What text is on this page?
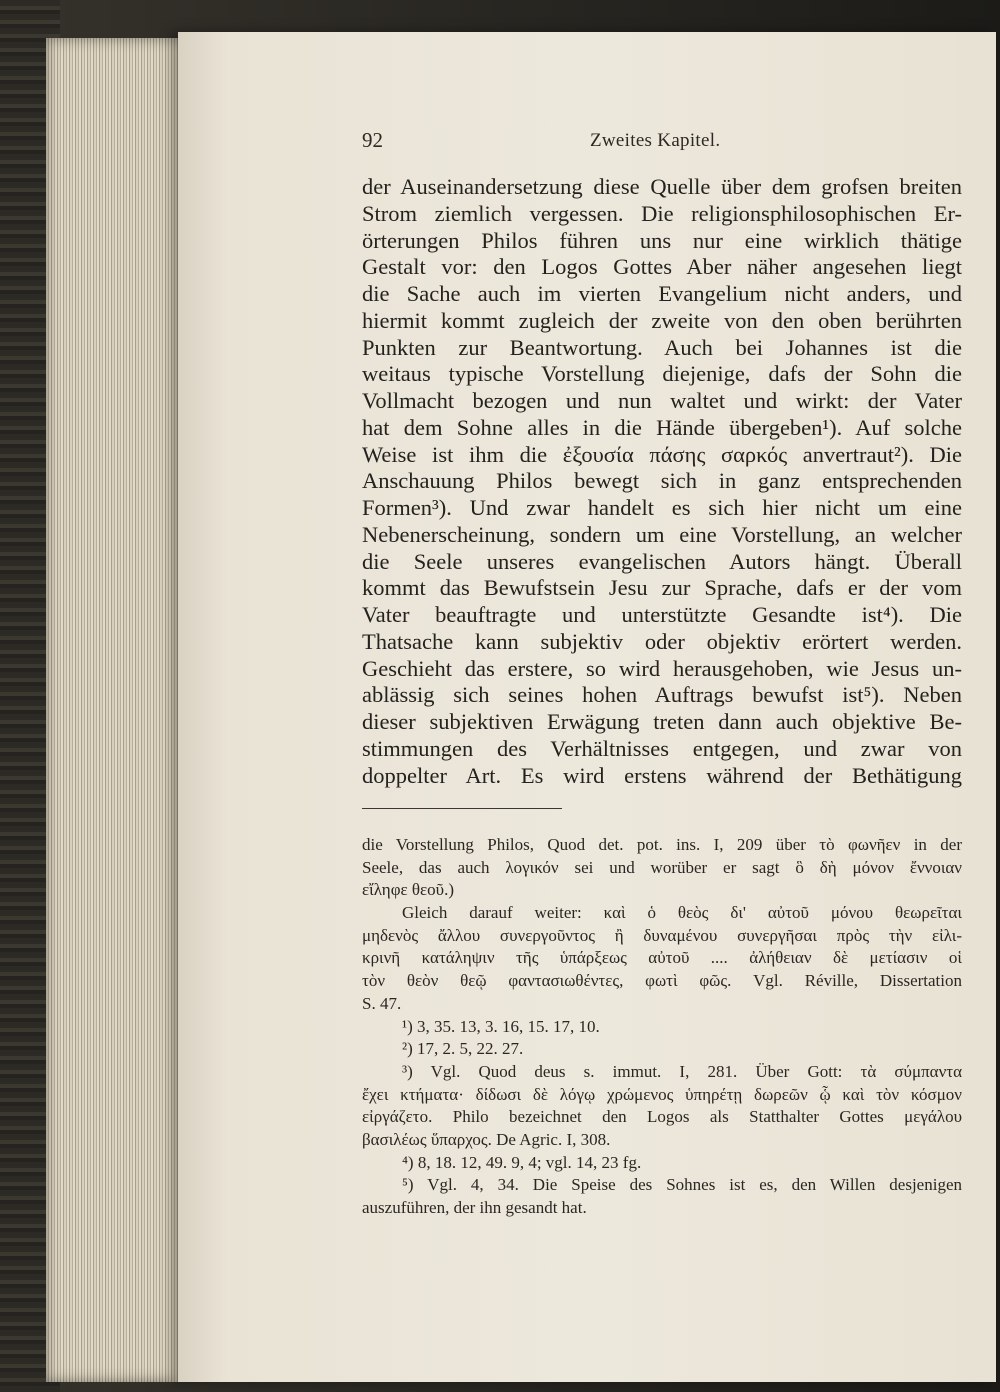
92	Zweites Kapitel.
der Auseinandersetzung diese Quelle über dem grofsen breiten
Strom ziemlich vergessen. Die religionsphilosophischen Er-
örterungen Philos führen uns nur eine wirklich thätige
Gestalt vor: den Logos Gottes Aber näher angesehen liegt
die Sache auch im vierten Evangelium nicht anders, und
hiermit kommt zugleich der zweite von den oben berührten
Punkten zur Beantwortung. Auch bei Johannes ist die
weitaus typische Vorstellung diejenige, dafs der Sohn die
Vollmacht bezogen und nun waltet und wirkt: der Vater
hat dem Sohne alles in die Hände übergeben¹). Auf solche
Weise ist ihm die ἐξουσία πάσης σαρκός anvertraut²). Die
Anschauung Philos bewegt sich in ganz entsprechenden
Formen³). Und zwar handelt es sich hier nicht um eine
Nebenerscheinung, sondern um eine Vorstellung, an welcher
die Seele unseres evangelischen Autors hängt. Überall
kommt das Bewufstsein Jesu zur Sprache, dafs er der vom
Vater beauftragte und unterstützte Gesandte ist⁴). Die
Thatsache kann subjektiv oder objektiv erörtert werden.
Geschieht das erstere, so wird herausgehoben, wie Jesus un-
ablässig sich seines hohen Auftrags bewufst ist⁵). Neben
dieser subjektiven Erwägung treten dann auch objektive Be-
stimmungen des Verhältnisses entgegen, und zwar von
doppelter Art. Es wird erstens während der Bethätigung
die Vorstellung Philos, Quod det. pot. ins. I, 209 über τὸ φωνῆεν in der
Seele, das auch λογικόν sei und worüber er sagt ὃ δὴ μόνον ἔννοιαν
εἴληφε θεοῦ.)
Gleich darauf weiter: καὶ ὁ θεὸς δι' αὐτοῦ μόνου θεωρεῖται
μηδενὸς ἄλλου συνεργοῦντος ἢ δυναμένου συνεργῆσαι πρὸς τὴν εἰλι-
κρινῆ κατάληψιν τῆς ὑπάρξεως αὐτοῦ .... ἀλήθειαν δὲ μετίασιν οἱ
τὸν θεὸν θεῷ φαντασιωθέντες, φωτὶ φῶς. Vgl. Réville, Dissertation
S. 47.
¹) 3, 35. 13, 3. 16, 15. 17, 10.
²) 17, 2. 5, 22. 27.
³) Vgl. Quod deus s. immut. I, 281. Über Gott: τὰ σύμπαντα
ἔχει κτήματα· δίδωσι δὲ λόγῳ χρώμενος ὑπηρέτῃ δωρεῶν ᾧ καὶ τὸν κόσμον
εἰργάζετο. Philo bezeichnet den Logos als Statthalter Gottes μεγάλου
βασιλέως ὕπαρχος. De Agric. I, 308.
⁴) 8, 18. 12, 49. 9, 4; vgl. 14, 23 fg.
⁵) Vgl. 4, 34. Die Speise des Sohnes ist es, den Willen desjenigen
auszuführen, der ihn gesandt hat.
